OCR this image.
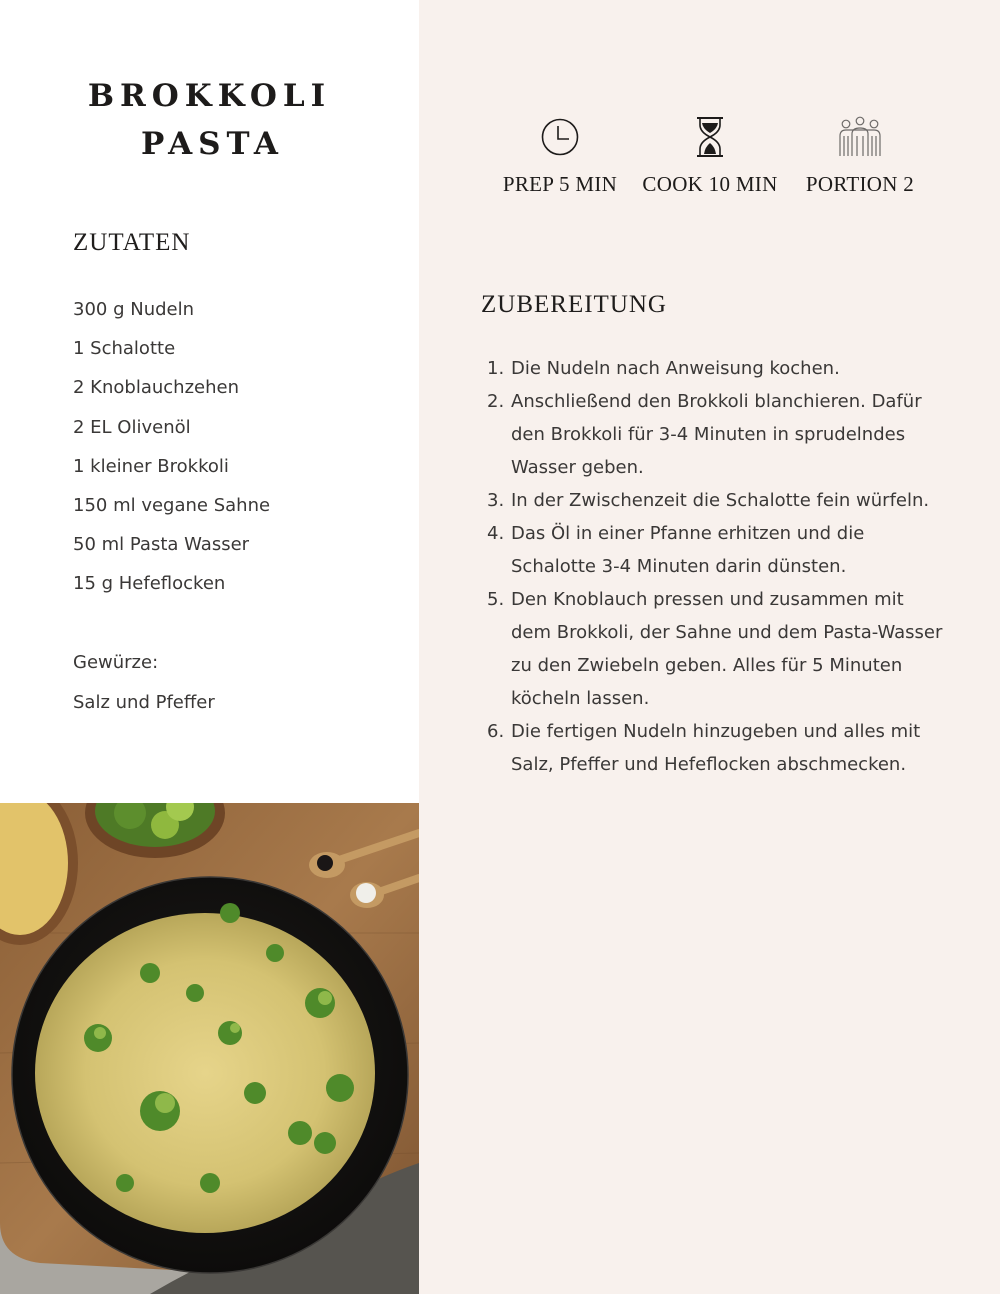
BROKKOLI
PASTA
ZUTATEN
300 g Nudeln
1 Schalotte
2 Knoblauchzehen
2 EL Olivenöl
1 kleiner Brokkoli
150 ml vegane Sahne
50 ml Pasta Wasser
15 g Hefeflocken
Gewürze:
Salz und Pfeffer
PREP 5 MIN	COOK 10 MIN	PORTION 2
ZUBEREITUNG
1. Die Nudeln nach Anweisung kochen.
2. Anschließend den Brokkoli blanchieren. Dafür den Brokkoli für 3-4 Minuten in sprudelndes Wasser geben.
3. In der Zwischenzeit die Schalotte fein würfeln.
4. Das Öl in einer Pfanne erhitzen und die Schalotte 3-4 Minuten darin dünsten.
5. Den Knoblauch pressen und zusammen mit dem Brokkoli, der Sahne und dem Pasta-Wasser zu den Zwiebeln geben. Alles für 5 Minuten köcheln lassen.
6. Die fertigen Nudeln hinzugeben und alles mit Salz, Pfeffer und Hefeflocken abschmecken.
